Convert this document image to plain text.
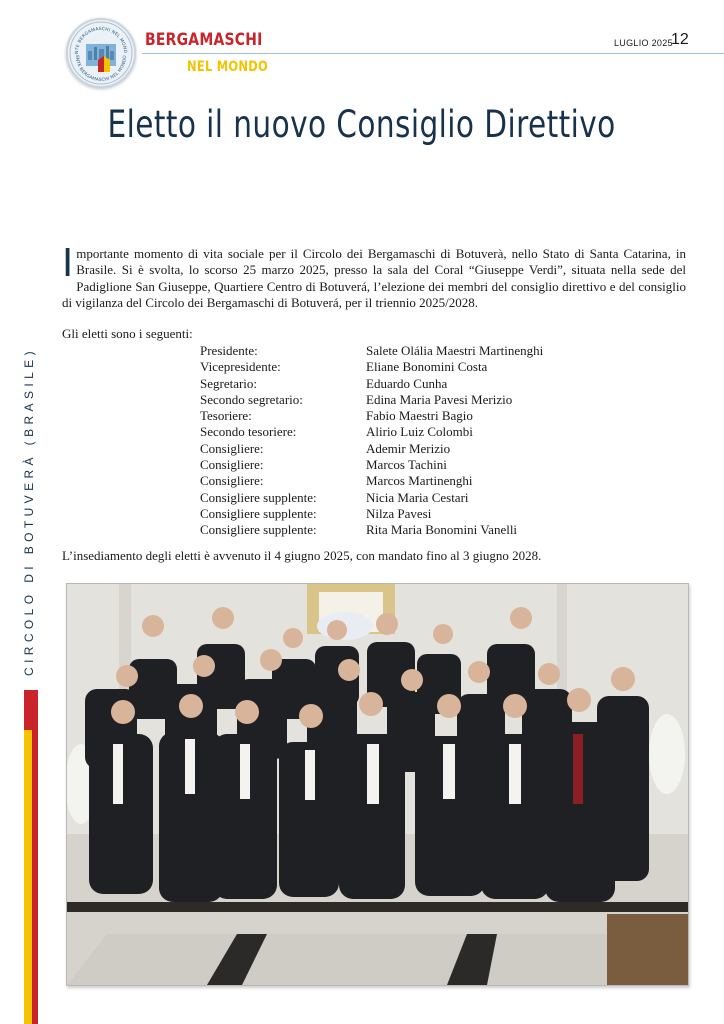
NTE BERGAMASCHI NEL MOND
ENTE BERGAMASCHI NEL MONDO
BERGAMASCHI
NEL MONDO
LUGLIO 2025
12
Eletto il nuovo Consiglio Direttivo
CIRCOLO DI BOTUVERÀ (BRASILE)

Importante momento di vita sociale per il Circolo dei Bergamaschi di Botuverà, nello Stato di Santa Catarina, in Brasile. Si è svolta, lo scorso 25 marzo 2025, presso la sala del Coral “Giuseppe Verdi”, situata nella sede del Padiglione San Giuseppe, Quartiere Centro di Botuverá, l’elezione dei membri del consiglio direttivo e del consiglio di vigilanza del Circolo dei Bergamaschi di Botuverá, per il triennio 2025/2028.

Gli eletti sono i seguenti:
Presidente:	Salete Olália Maestri Martinenghi
Vicepresidente:	Eliane Bonomini Costa
Segretario:	Eduardo Cunha
Secondo segretario:	Edina Maria Pavesi Merizio
Tesoriere:	Fabio Maestri Bagio
Secondo tesoriere:	Alirio Luiz Colombi
Consigliere:	Ademir Merizio
Consigliere:	Marcos Tachini
Consigliere:	Marcos Martinenghi
Consigliere supplente:	Nicia Maria Cestari
Consigliere supplente:	Nilza Pavesi
Consigliere supplente:	Rita Maria Bonomini Vanelli
L’insediamento degli eletti è avvenuto il 4 giugno 2025, con mandato fino al 3 giugno 2028.
